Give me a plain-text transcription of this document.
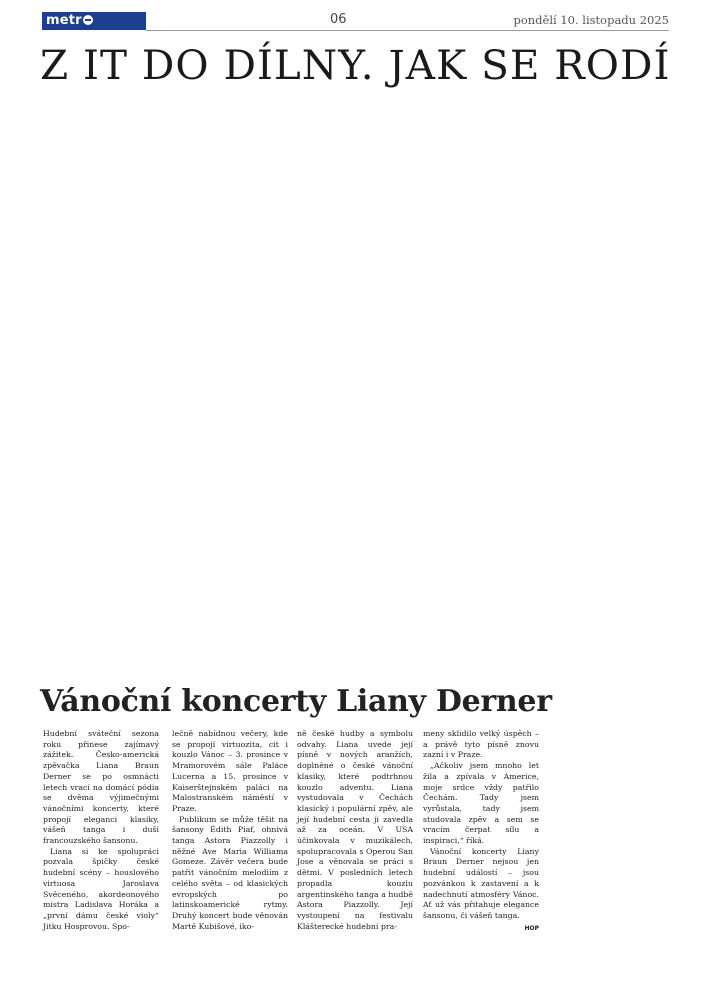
metr	06	pondělí 10. listopadu 2025
Z IT DO DÍLNY. JAK SE RODÍ
Vánoční koncerty Liany Derner

Hudební sváteční sezona roku přinese zajímavý zážitek. Česko-americká zpěvačka Liana Braun Derner se po osmnácti letech vrací na domácí pódia se dvěma výjimečnými vánočními koncerty, které propojí eleganci klasiky, vášeň tanga i duši francouzského šansonu.

Liana si ke spolupráci pozvala špičky české hudební scény – houslového virtuosa Jaroslava Svěceného, akordeonového mistra Ladislava Horáka a „první dámu české violy“ Jitku Hosprovou. Spo-

lečně nabídnou večery, kde se propojí virtuozita, cit i kouzlo Vánoc – 3. prosince v Mramorovém sále Paláce Lucerna a 15. prosince v Kaiserštejnském paláci na Malostranském náměstí v Praze.

Publikum se může těšit na šansony Édith Piaf, ohnivá tanga Astora Piazzolly i něžné Ave Maria Williama Gomeze. Závěr večera bude patřit vánočním melodiím z celého světa – od klasických evropských po latinskoamerické rytmy. Druhý koncert bude věnován Martě Kubišové, iko-

ně české hudby a symbolu odvahy. Liana uvede její písně v nových aranžích, doplněné o české vánoční klasiky, které podtrhnou kouzlo adventu. Liana vystudovala v Čechách klasický i populární zpěv, ale její hudební cesta ji zavedla až za oceán. V USA účinkovala v muzikálech, spolupracovala s Operou San Jose a věnovala se práci s dětmi. V posledních letech propadla kouzlu argentinského tanga a hudbě Astora Piazzolly. Její vystoupení na festivalu Klášterecké hudební pra-

meny sklidilo velký úspěch – a právě tyto písně znovu zazní i v Praze.

„Ačkoliv jsem mnoho let žila a zpívala v Americe, moje srdce vždy patřilo Čechám. Tady jsem vyrůstala, tady jsem studovala zpěv a sem se vracím čerpat sílu a inspiraci,“ říká.

Vánoční koncerty Liany Braun Derner nejsou jen hudební událostí – jsou pozvánkou k zastavení a k nadechnutí atmosféry Vánoc. Ať už vás přitahuje elegance šansonu, či vášeň tanga.
HOP
